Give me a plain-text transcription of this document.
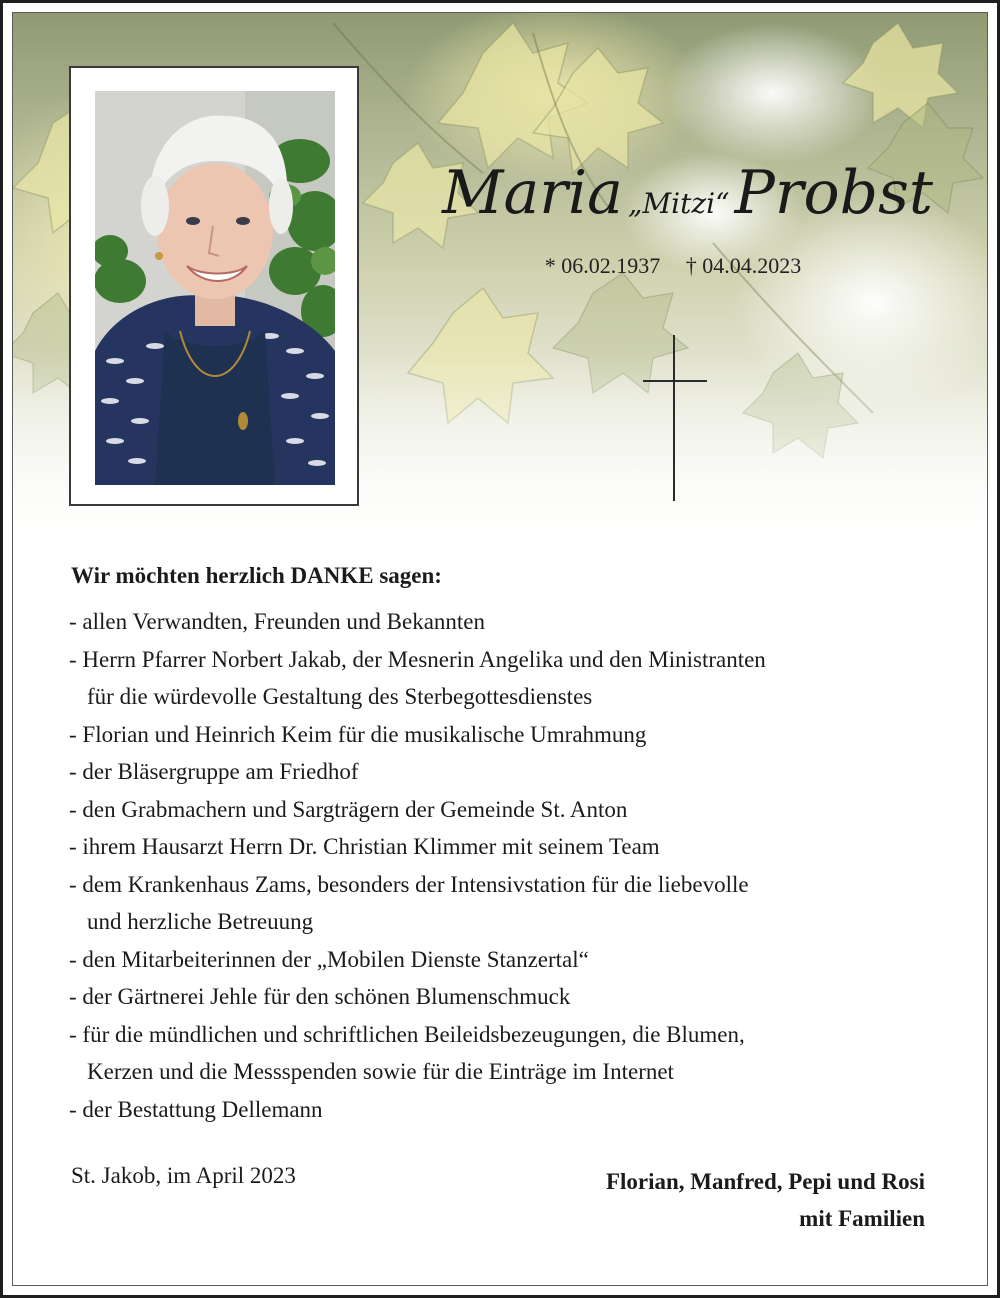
Maria „Mitzi“ Probst
* 06.02.1937 † 04.04.2023
Wir möchten herzlich DANKE sagen:
- allen Verwandten, Freunden und Bekannten
- Herrn Pfarrer Norbert Jakab, der Mesnerin Angelika und den Ministranten
für die würdevolle Gestaltung des Sterbegottesdienstes
- Florian und Heinrich Keim für die musikalische Umrahmung
- der Bläsergruppe am Friedhof
- den Grabmachern und Sargträgern der Gemeinde St. Anton
- ihrem Hausarzt Herrn Dr. Christian Klimmer mit seinem Team
- dem Krankenhaus Zams, besonders der Intensivstation für die liebevolle
und herzliche Betreuung
- den Mitarbeiterinnen der „Mobilen Dienste Stanzertal“
- der Gärtnerei Jehle für den schönen Blumenschmuck
- für die mündlichen und schriftlichen Beileidsbezeugungen, die Blumen,
Kerzen und die Messspenden sowie für die Einträge im Internet
- der Bestattung Dellemann
St. Jakob, im April 2023	Florian, Manfred, Pepi und Rosi
mit Familien
